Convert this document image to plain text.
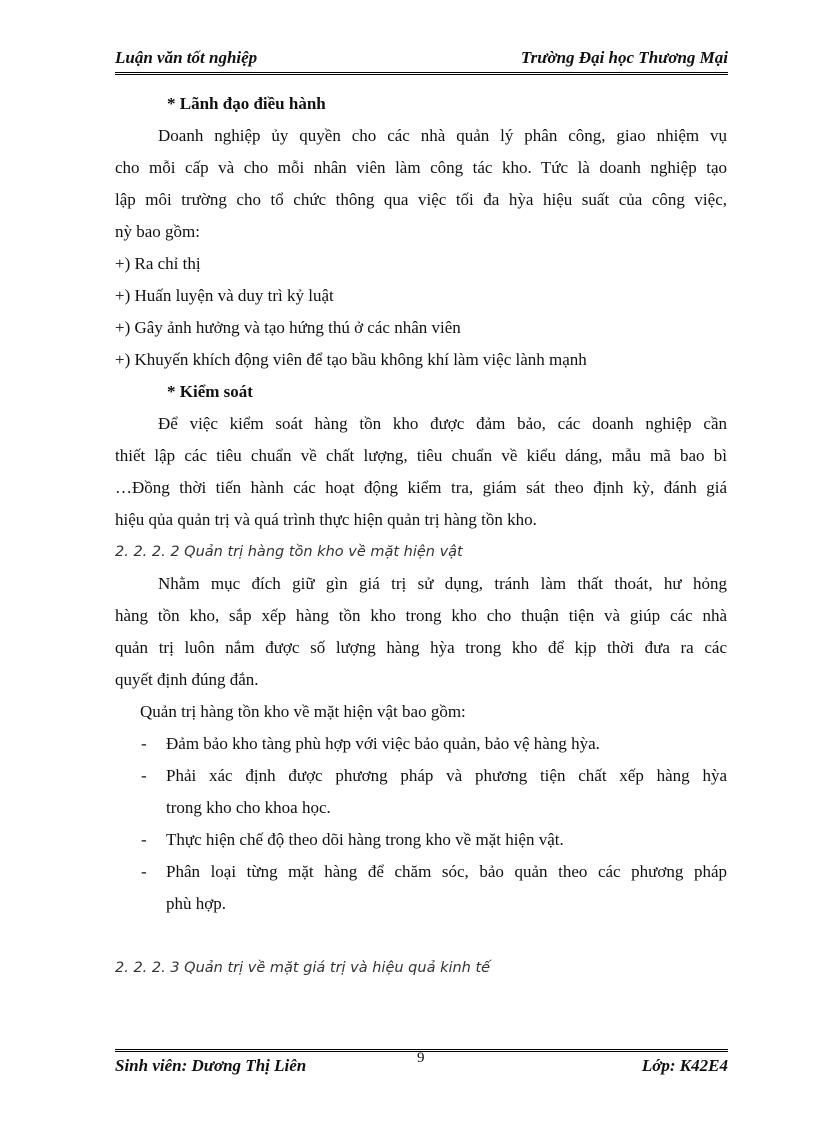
Luận văn tốt nghiệp	Trường Đại học Thương Mại
* Lãnh đạo điều hành
Doanh nghiệp ủy quyền cho các nhà quản lý phân công, giao nhiệm vụ
cho mỗi cấp và cho mỗi nhân viên làm công tác kho. Tức là doanh nghiệp tạo
lập môi trường cho tổ chức thông qua việc tối đa hỳa hiệu suất của công việc,
nỳ bao gồm:
+) Ra chỉ thị
+) Huấn luyện và duy trì kỷ luật
+) Gây ảnh hưởng và tạo hứng thú ở các nhân viên
+) Khuyến khích động viên để tạo bầu không khí làm việc lành mạnh
* Kiểm soát
Để việc kiểm soát hàng tồn kho được đảm bảo, các doanh nghiệp cần
thiết lập các tiêu chuẩn về chất lượng, tiêu chuẩn về kiểu dáng, mẫu mã bao bì
…Đồng thời tiến hành các hoạt động kiểm tra, giám sát theo định kỳ, đánh giá
hiệu qủa quản trị và quá trình thực hiện quản trị hàng tồn kho.
2. 2. 2. 2 Quản trị hàng tồn kho về mặt hiện vật
Nhằm mục đích giữ gìn giá trị sử dụng, tránh làm thất thoát, hư hỏng
hàng tồn kho, sắp xếp hàng tồn kho trong kho cho thuận tiện và giúp các nhà
quản trị luôn nắm được số lượng hàng hỳa trong kho để kịp thời đưa ra các
quyết định đúng đắn.
Quản trị hàng tồn kho về mặt hiện vật bao gồm:
- Đảm bảo kho tàng phù hợp với việc bảo quản, bảo vệ hàng hỳa.
- Phải xác định được phương pháp và phương tiện chất xếp hàng hỳa
trong kho cho khoa học.
- Thực hiện chế độ theo dõi hàng trong kho về mặt hiện vật.
- Phân loại từng mặt hàng để chăm sóc, bảo quản theo các phương pháp
phù hợp.
2. 2. 2. 3 Quản trị về mặt giá trị và hiệu quả kinh tế
Sinh viên: Dương Thị Liên	9	Lớp: K42E4
